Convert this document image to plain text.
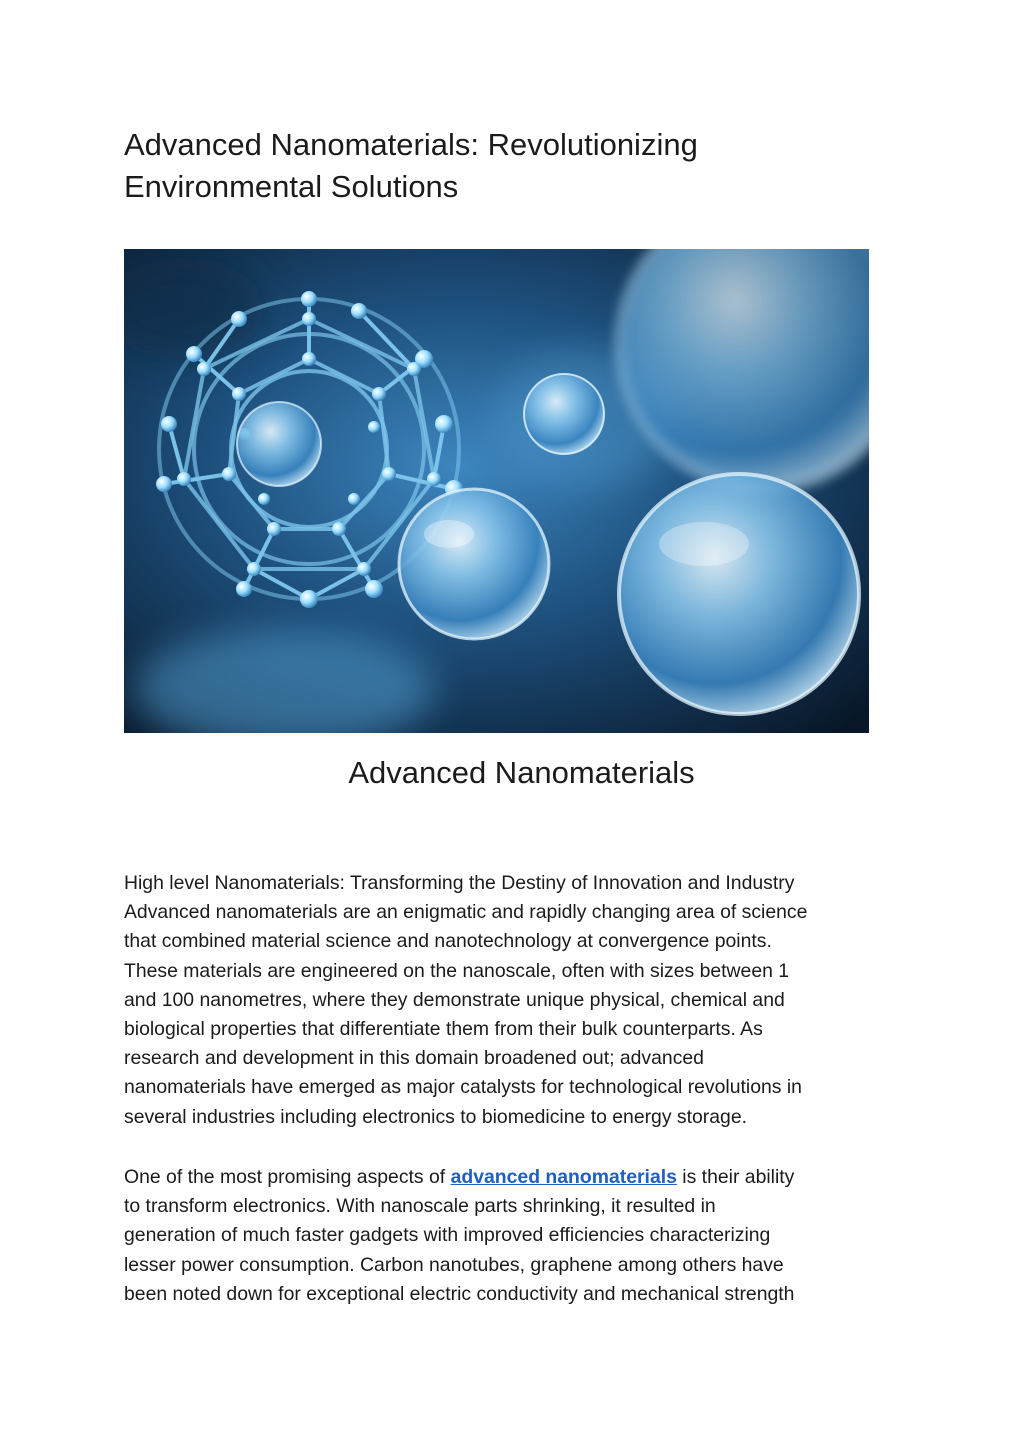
Advanced Nanomaterials: Revolutionizing
Environmental Solutions
Advanced Nanomaterials

High level Nanomaterials: Transforming the Destiny of Innovation and Industry
Advanced nanomaterials are an enigmatic and rapidly changing area of science
that combined material science and nanotechnology at convergence points.
These materials are engineered on the nanoscale, often with sizes between 1
and 100 nanometres, where they demonstrate unique physical, chemical and
biological properties that differentiate them from their bulk counterparts. As
research and development in this domain broadened out; advanced
nanomaterials have emerged as major catalysts for technological revolutions in
several industries including electronics to biomedicine to energy storage.

One of the most promising aspects of advanced nanomaterials is their ability
to transform electronics. With nanoscale parts shrinking, it resulted in
generation of much faster gadgets with improved efficiencies characterizing
lesser power consumption. Carbon nanotubes, graphene among others have
been noted down for exceptional electric conductivity and mechanical strength
